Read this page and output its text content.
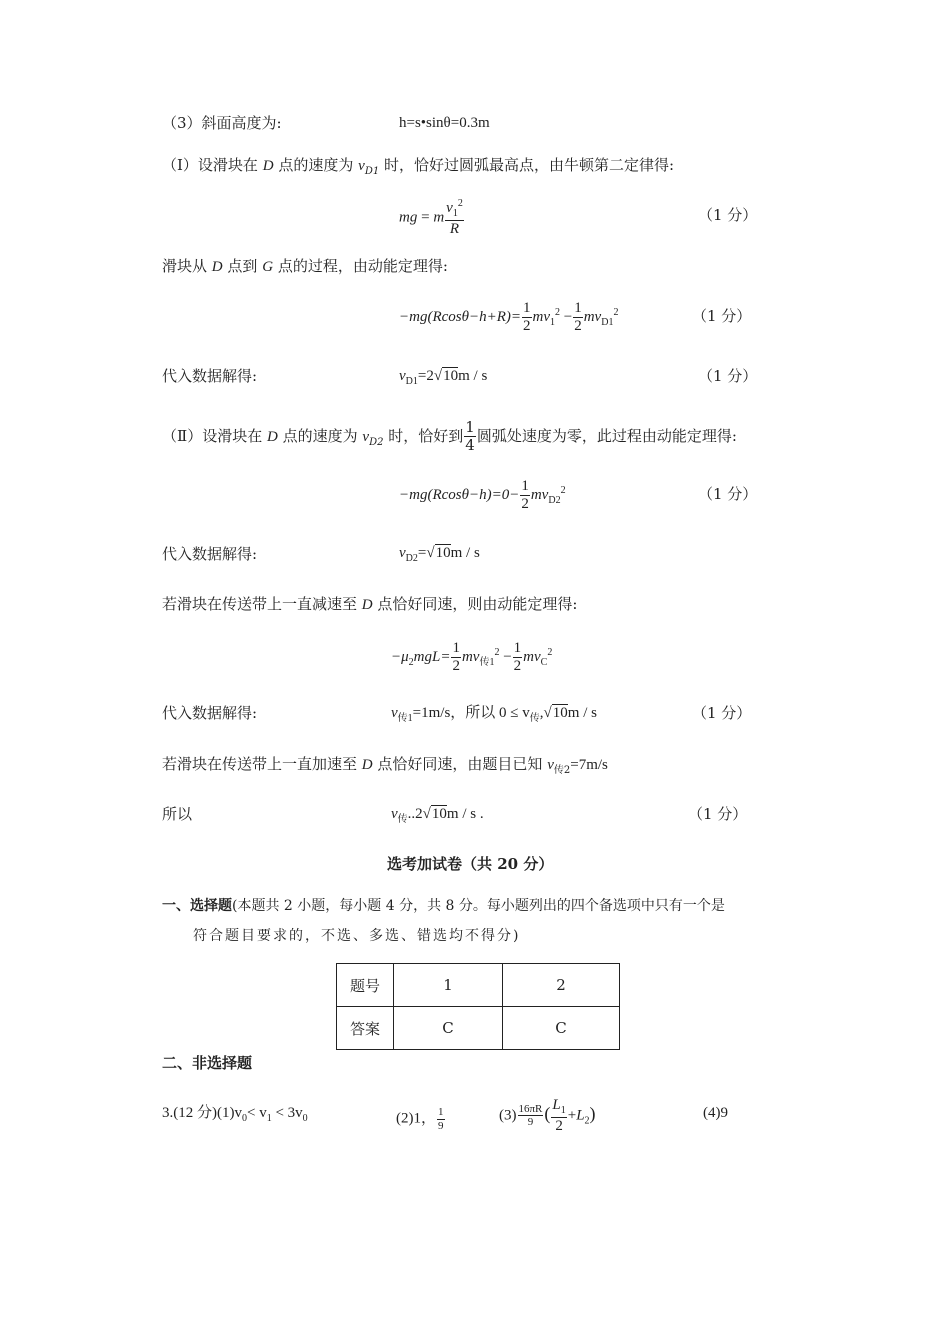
（3）斜面高度为:	h=s•sinθ=0.3m
（Ⅰ）设滑块在 D 点的速度为 $v_{D1}$ 时，恰好过圆弧最高点，由牛顿第二定律得:
mg = m $\frac{v_1^2}{R}$	（1 分）
滑块从 D 点到 G 点的过程，由动能定理得:
$-mg(Rcos\theta-h+R)= \frac{1}{2} mv_1^2 - \frac{1}{2} mv_{D1}^2$	（1 分）
代入数据解得:	$v_{D1}=2√10m / s$	（1 分）
（Ⅱ）设滑块在 D 点的速度为 $v_{D2}$ 时，恰好到 $\frac{1}{4}$ 圆弧处速度为零，此过程由动能定理得:
$-mg(Rcos\theta-h)=0- \frac{1}{2} mv_{D2}^2$	（1 分）
代入数据解得:	$v_{D2}=√10m / s$
若滑块在传送带上一直减速至 D 点恰好同速，则由动能定理得:
$-\mu_2mgL= \frac{1}{2} mv_{传1}^2 - \frac{1}{2} mv_C^2$
代入数据解得:	$v_{传1}=1m/s$，所以 $0 \le v_传,√10m / s$	（1 分）
若滑块在传送带上一直加速至 D 点恰好同速，由题目已知 $v_{传2}=7m/s$
所以	$v_传..2√10m$ / s .	（1 分）
选考加试卷（共 20 分）
一、选择题(本题共 2 小题，每小题 4 分，共 8 分。每小题列出的四个备选项中只有一个是
符合题目要求的，不选、多选、错选均不得分)
题号	1	2
答案	C	C
二、非选择题
3.(12 分)$(1)v_0< v_1 < 3v_0$	(2)1， $\frac{1}{9}$	$(3) \frac{16\pi R}{9}$ ( $\frac{L_1}{2} +L_2$)	(4)9
